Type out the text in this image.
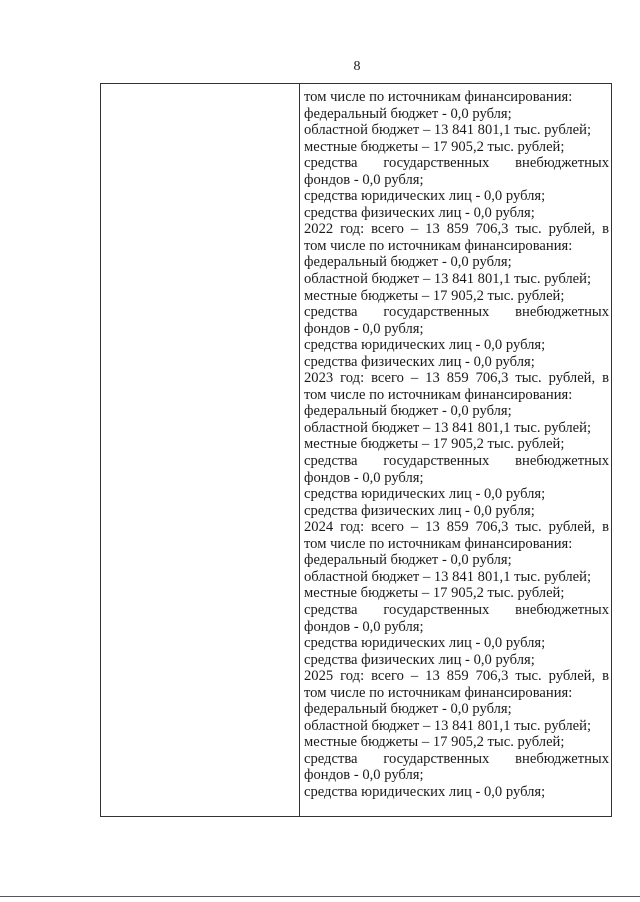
8
том числе по источникам финансирования:
федеральный бюджет - 0,0 рубля;
областной бюджет – 13 841 801,1 тыс. рублей;
местные бюджеты – 17 905,2 тыс. рублей;
средства государственных внебюджетных
фондов - 0,0 рубля;
средства юридических лиц - 0,0 рубля;
средства физических лиц - 0,0 рубля;
2022 год: всего – 13 859 706,3 тыс. рублей, в
том числе по источникам финансирования:
федеральный бюджет - 0,0 рубля;
областной бюджет – 13 841 801,1 тыс. рублей;
местные бюджеты – 17 905,2 тыс. рублей;
средства государственных внебюджетных
фондов - 0,0 рубля;
средства юридических лиц - 0,0 рубля;
средства физических лиц - 0,0 рубля;
2023 год: всего – 13 859 706,3 тыс. рублей, в
том числе по источникам финансирования:
федеральный бюджет - 0,0 рубля;
областной бюджет – 13 841 801,1 тыс. рублей;
местные бюджеты – 17 905,2 тыс. рублей;
средства государственных внебюджетных
фондов - 0,0 рубля;
средства юридических лиц - 0,0 рубля;
средства физических лиц - 0,0 рубля;
2024 год: всего – 13 859 706,3 тыс. рублей, в
том числе по источникам финансирования:
федеральный бюджет - 0,0 рубля;
областной бюджет – 13 841 801,1 тыс. рублей;
местные бюджеты – 17 905,2 тыс. рублей;
средства государственных внебюджетных
фондов - 0,0 рубля;
средства юридических лиц - 0,0 рубля;
средства физических лиц - 0,0 рубля;
2025 год: всего – 13 859 706,3 тыс. рублей, в
том числе по источникам финансирования:
федеральный бюджет - 0,0 рубля;
областной бюджет – 13 841 801,1 тыс. рублей;
местные бюджеты – 17 905,2 тыс. рублей;
средства государственных внебюджетных
фондов - 0,0 рубля;
средства юридических лиц - 0,0 рубля;
